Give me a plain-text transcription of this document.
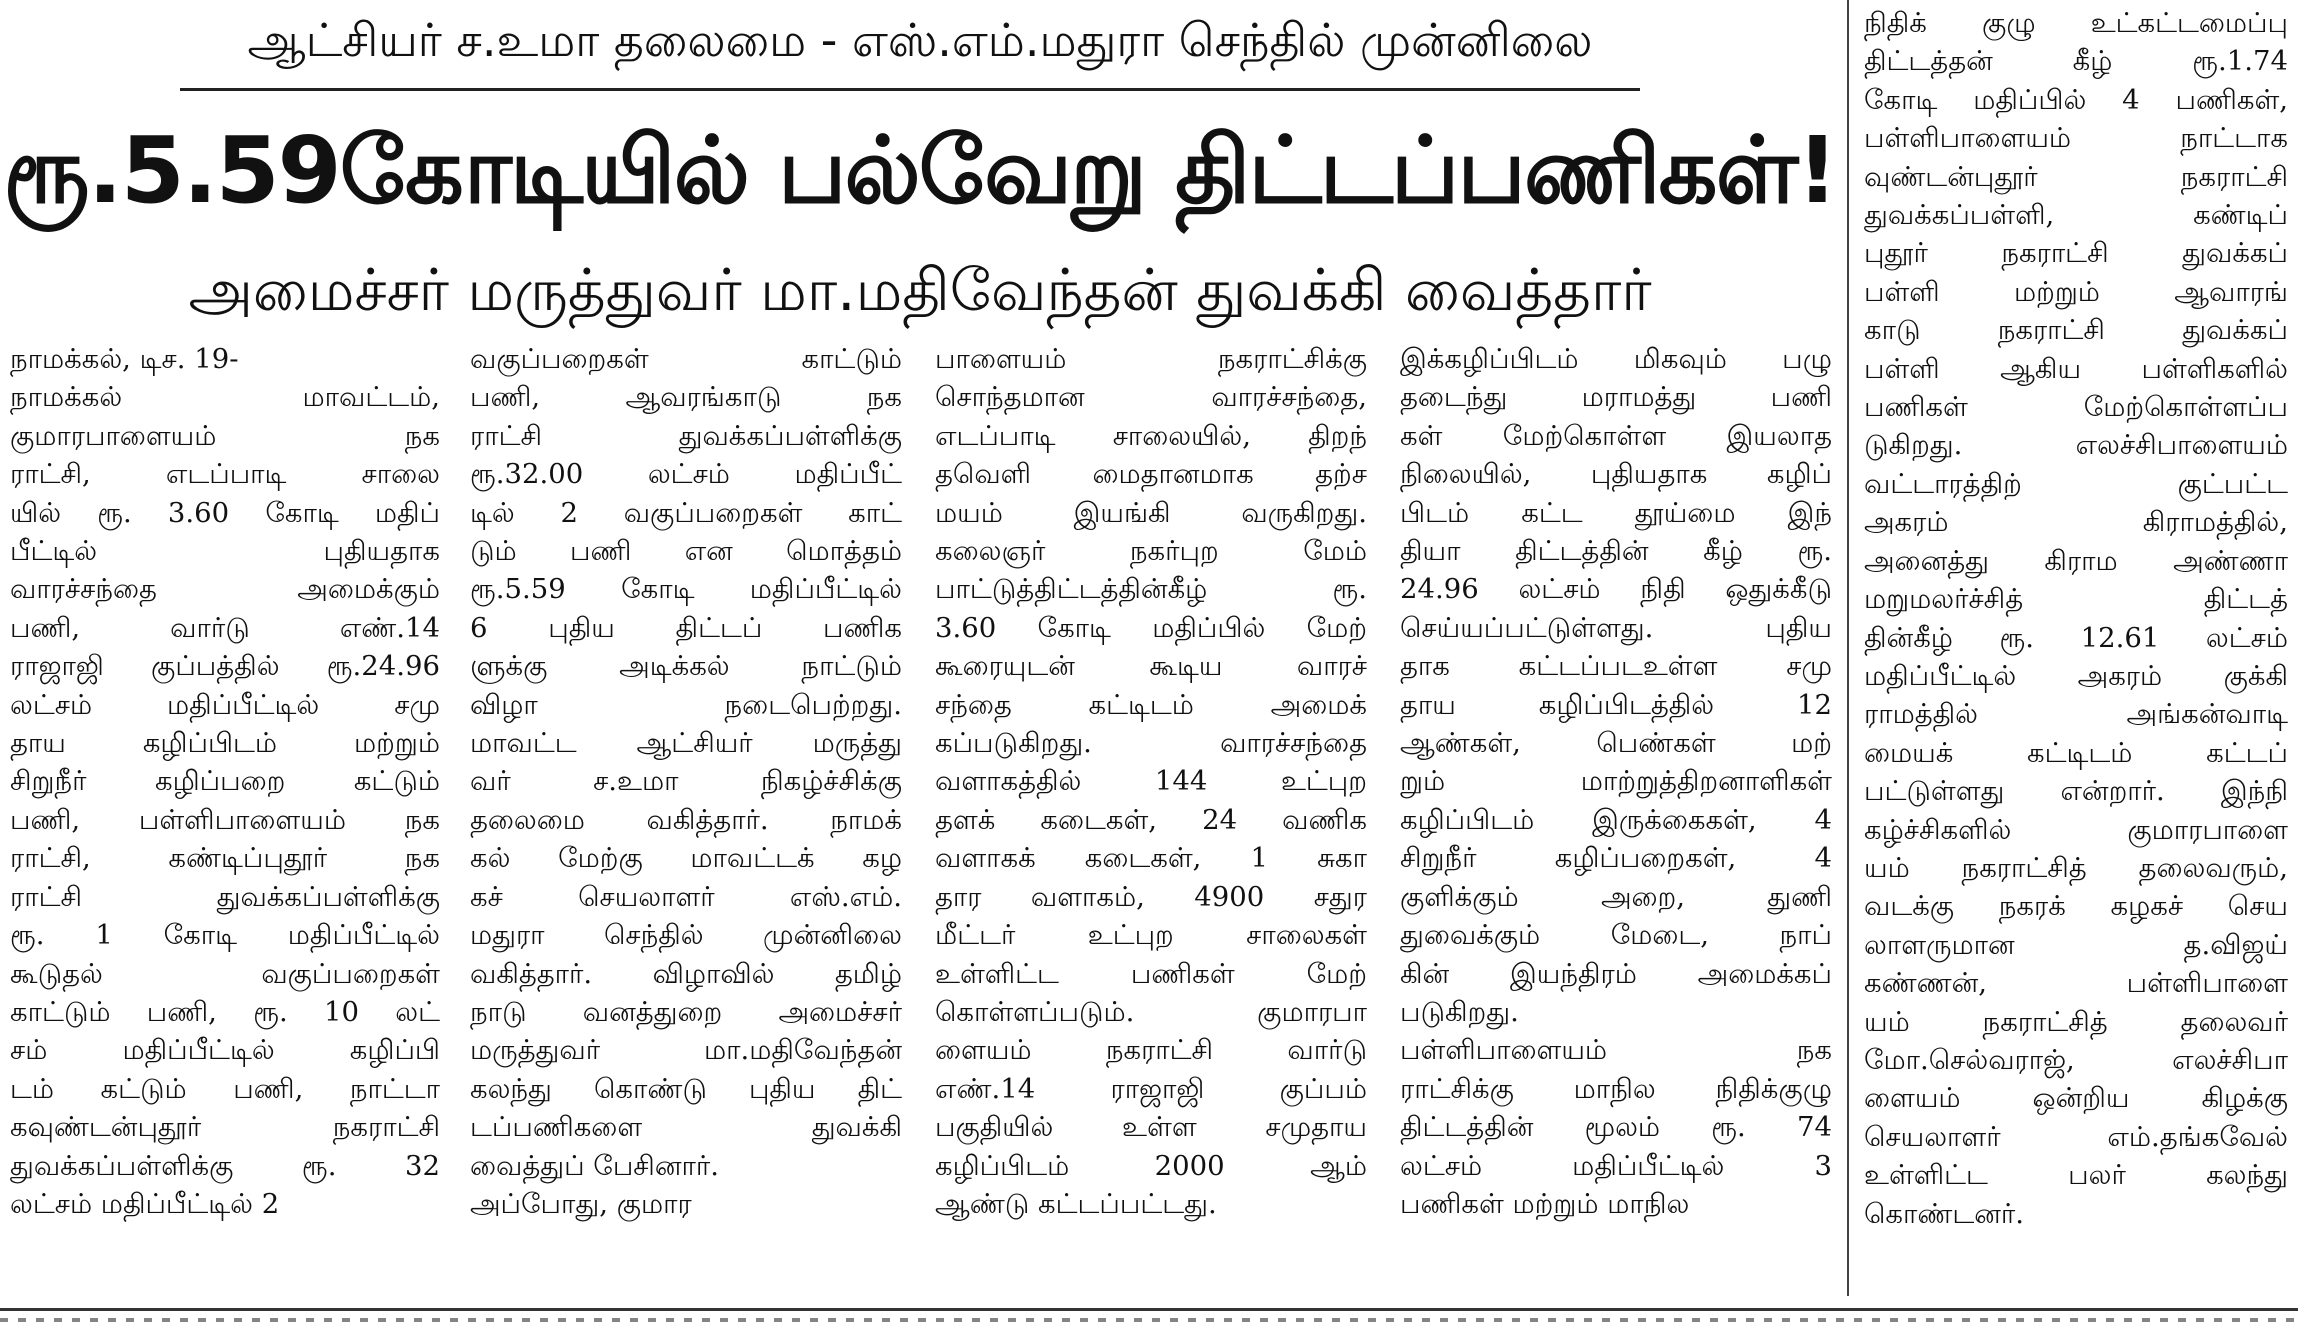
ஆட்சியர் ச.உமா தலைமை - எஸ்.எம்.மதுரா செந்தில் முன்னிலை
ரூ.5.59கோடியில் பல்வேறு திட்டப்பணிகள்!
அமைச்சர் மருத்துவர் மா.மதிவேந்தன் துவக்கி வைத்தார்
நாமக்கல், டிச. 19-
நாமக்கல் மாவட்டம்,
குமாரபாளையம் நக
ராட்சி, எடப்பாடி சாலை
யில் ரூ. 3.60 கோடி மதிப்
பீட்டில் புதியதாக
வாரச்சந்தை அமைக்கும்
பணி, வார்டு எண்.14
ராஜாஜி குப்பத்தில் ரூ.24.96
லட்சம் மதிப்பீட்டில் சமு
தாய கழிப்பிடம் மற்றும்
சிறுநீர் கழிப்பறை கட்டும்
பணி, பள்ளிபாளையம் நக
ராட்சி, கண்டிப்புதூர் நக
ராட்சி துவக்கப்பள்ளிக்கு
ரூ. 1 கோடி மதிப்பீட்டில்
கூடுதல் வகுப்பறைகள்
காட்டும் பணி, ரூ. 10 லட்
சம் மதிப்பீட்டில் கழிப்பி
டம் கட்டும் பணி, நாட்டா
கவுண்டன்புதூர் நகராட்சி
துவக்கப்பள்ளிக்கு ரூ. 32
லட்சம் மதிப்பீட்டில் 2
வகுப்பறைகள் காட்டும்
பணி, ஆவரங்காடு நக
ராட்சி துவக்கப்பள்ளிக்கு
ரூ.32.00 லட்சம் மதிப்பீட்
டில் 2 வகுப்பறைகள் காட்
டும் பணி என மொத்தம்
ரூ.5.59 கோடி மதிப்பீட்டில்
6 புதிய திட்டப் பணிக
ளுக்கு அடிக்கல் நாட்டும்
விழா நடைபெற்றது.
மாவட்ட ஆட்சியர் மருத்து
வர் ச.உமா நிகழ்ச்சிக்கு
தலைமை வகித்தார். நாமக்
கல் மேற்கு மாவட்டக் கழ
கச் செயலாளர் எஸ்.எம்.
மதுரா செந்தில் முன்னிலை
வகித்தார். விழாவில் தமிழ்
நாடு வனத்துறை அமைச்சர்
மருத்துவர் மா.மதிவேந்தன்
கலந்து கொண்டு புதிய திட்
டப்பணிகளை துவக்கி
வைத்துப் பேசினார்.
அப்போது, குமார
பாளையம் நகராட்சிக்கு
சொந்தமான வாரச்சந்தை,
எடப்பாடி சாலையில், திறந்
தவெளி மைதானமாக தற்ச
மயம் இயங்கி வருகிறது.
கலைஞர் நகர்புற மேம்
பாட்டுத்திட்டத்தின்கீழ் ரூ.
3.60 கோடி மதிப்பில் மேற்
கூரையுடன் கூடிய வாரச்
சந்தை கட்டிடம் அமைக்
கப்படுகிறது. வாரச்சந்தை
வளாகத்தில் 144 உட்புற
தளக் கடைகள், 24 வணிக
வளாகக் கடைகள், 1 சுகா
தார வளாகம், 4900 சதுர
மீட்டர் உட்புற சாலைகள்
உள்ளிட்ட பணிகள் மேற்
கொள்ளப்படும். குமாரபா
ளையம் நகராட்சி வார்டு
எண்.14 ராஜாஜி குப்பம்
பகுதியில் உள்ள சமுதாய
கழிப்பிடம் 2000 ஆம்
ஆண்டு கட்டப்பட்டது.
இக்கழிப்பிடம் மிகவும் பழு
தடைந்து மராமத்து பணி
கள் மேற்கொள்ள இயலாத
நிலையில், புதியதாக கழிப்
பிடம் கட்ட தூய்மை இந்
தியா திட்டத்தின் கீழ் ரூ.
24.96 லட்சம் நிதி ஒதுக்கீடு
செய்யப்பட்டுள்ளது. புதிய
தாக கட்டப்படஉள்ள சமு
தாய கழிப்பிடத்தில் 12
ஆண்கள், பெண்கள் மற்
றும் மாற்றுத்திறனாளிகள்
கழிப்பிடம் இருக்கைகள், 4
சிறுநீர் கழிப்பறைகள், 4
குளிக்கும் அறை, துணி
துவைக்கும் மேடை, நாப்
கின் இயந்திரம் அமைக்கப்
படுகிறது.
பள்ளிபாளையம் நக
ராட்சிக்கு மாநில நிதிக்குழு
திட்டத்தின் மூலம் ரூ. 74
லட்சம் மதிப்பீட்டில் 3
பணிகள் மற்றும் மாநில
நிதிக் குழு உட்கட்டமைப்பு
திட்டத்தன் கீழ் ரூ.1.74
கோடி மதிப்பில் 4 பணிகள்,
பள்ளிபாளையம் நாட்டாக
வுண்டன்புதூர் நகராட்சி
துவக்கப்பள்ளி, கண்டிப்
புதூர் நகராட்சி துவக்கப்
பள்ளி மற்றும் ஆவாரங்
காடு நகராட்சி துவக்கப்
பள்ளி ஆகிய பள்ளிகளில்
பணிகள் மேற்கொள்ளப்ப
டுகிறது. எலச்சிபாளையம்
வட்டாரத்திற் குட்பட்ட
அகரம் கிராமத்தில்,
அனைத்து கிராம அண்ணா
மறுமலர்ச்சித் திட்டத்
தின்கீழ் ரூ. 12.61 லட்சம்
மதிப்பீட்டில் அகரம் குக்கி
ராமத்தில் அங்கன்வாடி
மையக் கட்டிடம் கட்டப்
பட்டுள்ளது என்றார். இந்நி
கழ்ச்சிகளில் குமாரபாளை
யம் நகராட்சித் தலைவரும்,
வடக்கு நகரக் கழகச் செய
லாளருமான த.விஜய்
கண்ணன், பள்ளிபாளை
யம் நகராட்சித் தலைவர்
மோ.செல்வராஜ், எலச்சிபா
ளையம் ஒன்றிய கிழக்கு
செயலாளர் எம்.தங்கவேல்
உள்ளிட்ட பலர் கலந்து
கொண்டனர்.
